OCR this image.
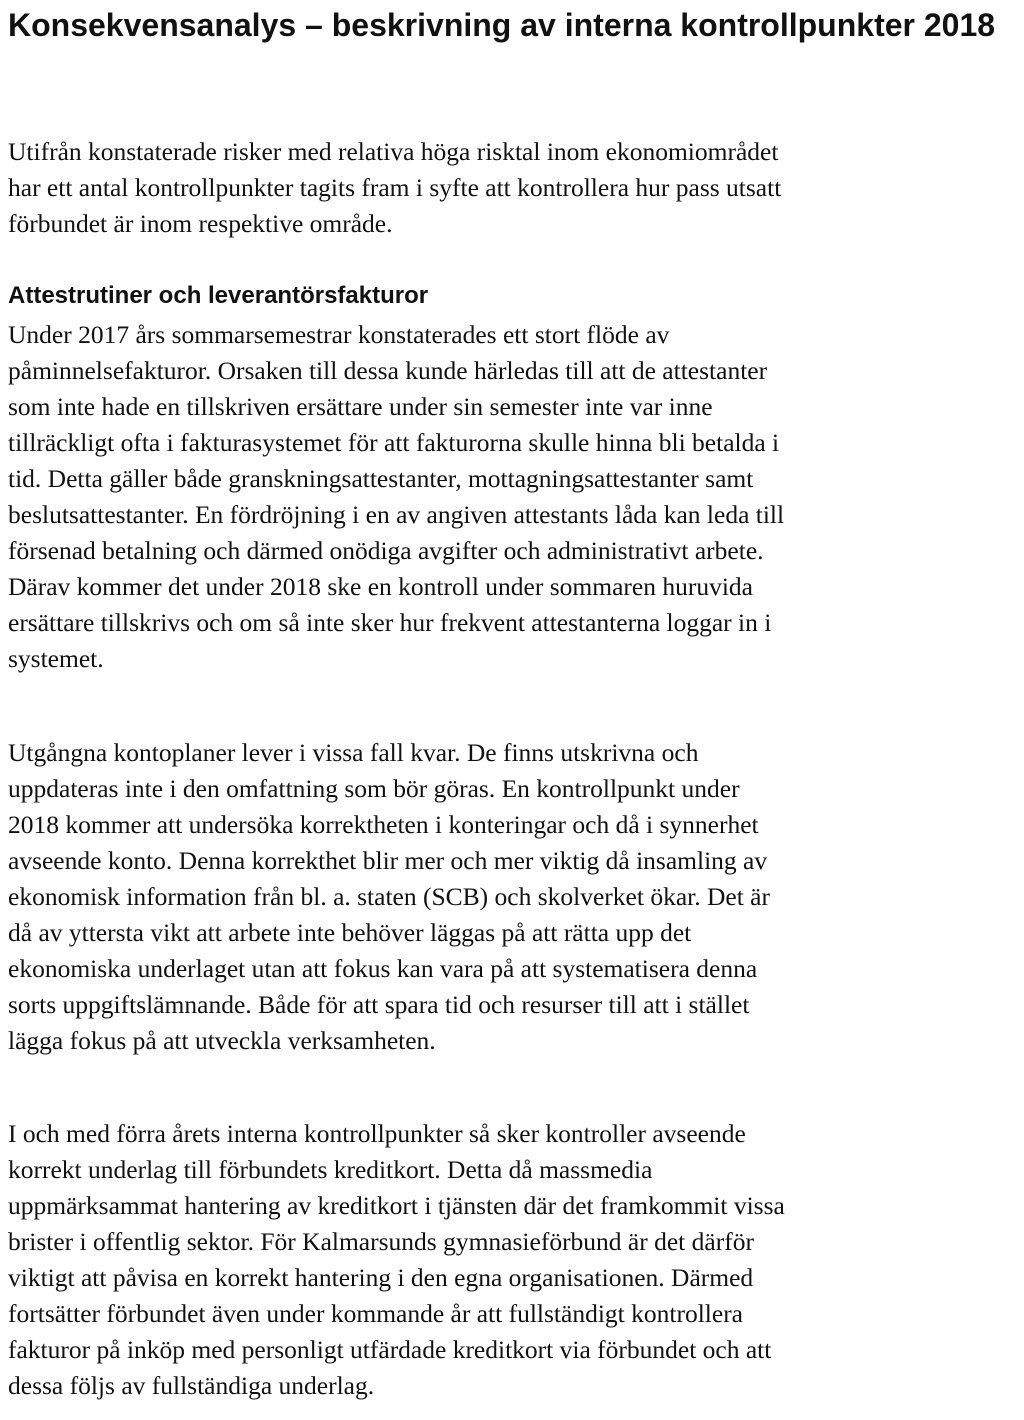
Konsekvensanalys – beskrivning av interna kontrollpunkter 2018

Utifrån konstaterade risker med relativa höga risktal inom ekonomiområdet
har ett antal kontrollpunkter tagits fram i syfte att kontrollera hur pass utsatt
förbundet är inom respektive område.

Attestrutiner och leverantörsfakturor

Under 2017 års sommarsemestrar konstaterades ett stort flöde av
påminnelsefakturor. Orsaken till dessa kunde härledas till att de attestanter
som inte hade en tillskriven ersättare under sin semester inte var inne
tillräckligt ofta i fakturasystemet för att fakturorna skulle hinna bli betalda i
tid. Detta gäller både granskningsattestanter, mottagningsattestanter samt
beslutsattestanter. En fördröjning i en av angiven attestants låda kan leda till
försenad betalning och därmed onödiga avgifter och administrativt arbete.
Därav kommer det under 2018 ske en kontroll under sommaren huruvida
ersättare tillskrivs och om så inte sker hur frekvent attestanterna loggar in i
systemet.

Utgångna kontoplaner lever i vissa fall kvar. De finns utskrivna och
uppdateras inte i den omfattning som bör göras. En kontrollpunkt under
2018 kommer att undersöka korrektheten i konteringar och då i synnerhet
avseende konto. Denna korrekthet blir mer och mer viktig då insamling av
ekonomisk information från bl. a. staten (SCB) och skolverket ökar. Det är
då av yttersta vikt att arbete inte behöver läggas på att rätta upp det
ekonomiska underlaget utan att fokus kan vara på att systematisera denna
sorts uppgiftslämnande. Både för att spara tid och resurser till att i stället
lägga fokus på att utveckla verksamheten.

I och med förra årets interna kontrollpunkter så sker kontroller avseende
korrekt underlag till förbundets kreditkort. Detta då massmedia
uppmärksammat hantering av kreditkort i tjänsten där det framkommit vissa
brister i offentlig sektor. För Kalmarsunds gymnasieförbund är det därför
viktigt att påvisa en korrekt hantering i den egna organisationen. Därmed
fortsätter förbundet även under kommande år att fullständigt kontrollera
fakturor på inköp med personligt utfärdade kreditkort via förbundet och att
dessa följs av fullständiga underlag.
